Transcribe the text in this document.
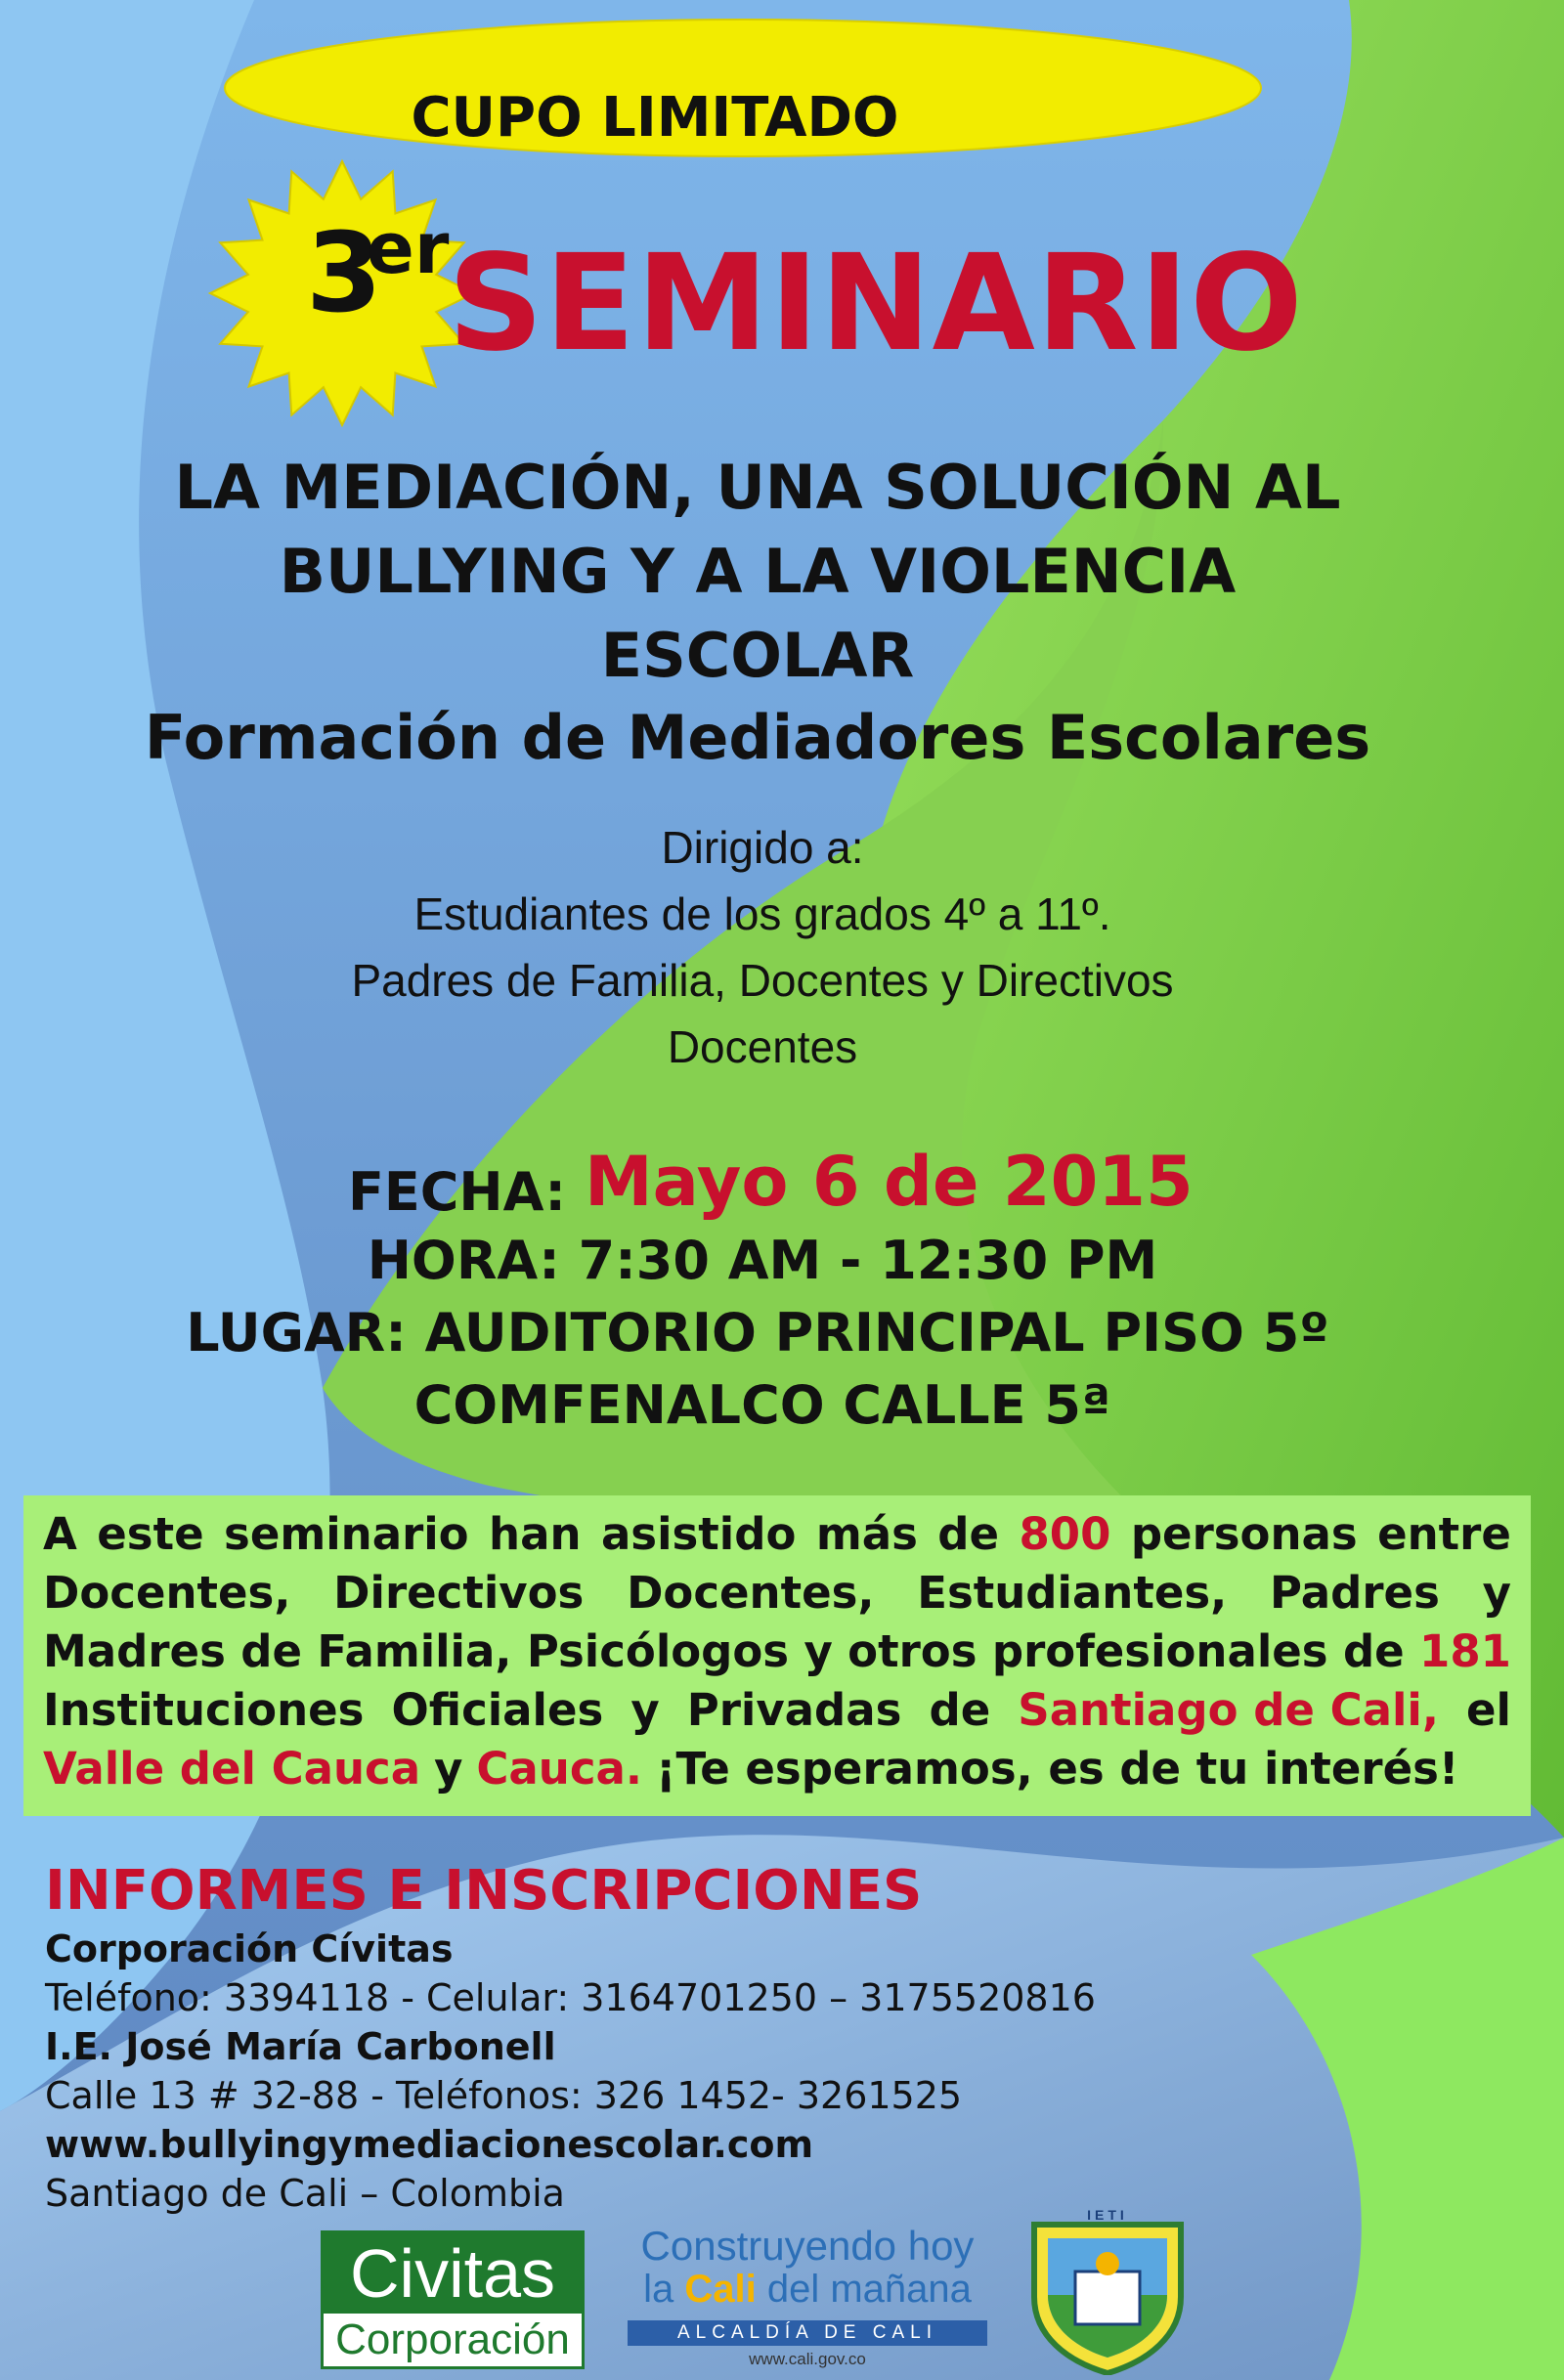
CUPO LIMITADO
3
er
SEMINARIO
LA MEDIACIÓN, UNA SOLUCIÓN AL
BULLYING Y A LA VIOLENCIA
ESCOLAR
Formación de Mediadores Escolares
Dirigido a:
Estudiantes de los grados 4º a 11º.
Padres de Familia, Docentes y Directivos
Docentes
FECHA: Mayo 6 de 2015
HORA: 7:30 AM - 12:30 PM
LUGAR: AUDITORIO PRINCIPAL PISO 5º
COMFENALCO CALLE 5ª
A este seminario han asistido más de 800 personas entre
Docentes, Directivos Docentes, Estudiantes, Padres y
Madres de Familia, Psicólogos y otros profesionales de 181
Instituciones Oficiales y Privadas de Santiago de Cali, el
Valle del Cauca y Cauca. ¡Te esperamos, es de tu interés!
INFORMES E INSCRIPCIONES
Corporación Cívitas
Teléfono: 3394118 - Celular: 3164701250 – 3175520816
I.E. José María Carbonell
Calle 13 # 32-88 - Teléfonos: 326 1452- 3261525
www.bullyingymediacionescolar.com
Santiago de Cali – Colombia
Civitas
Corporación
Construyendo hoy
la Cali del mañana
ALCALDÍA DE CALI
www.cali.gov.co
IETI
